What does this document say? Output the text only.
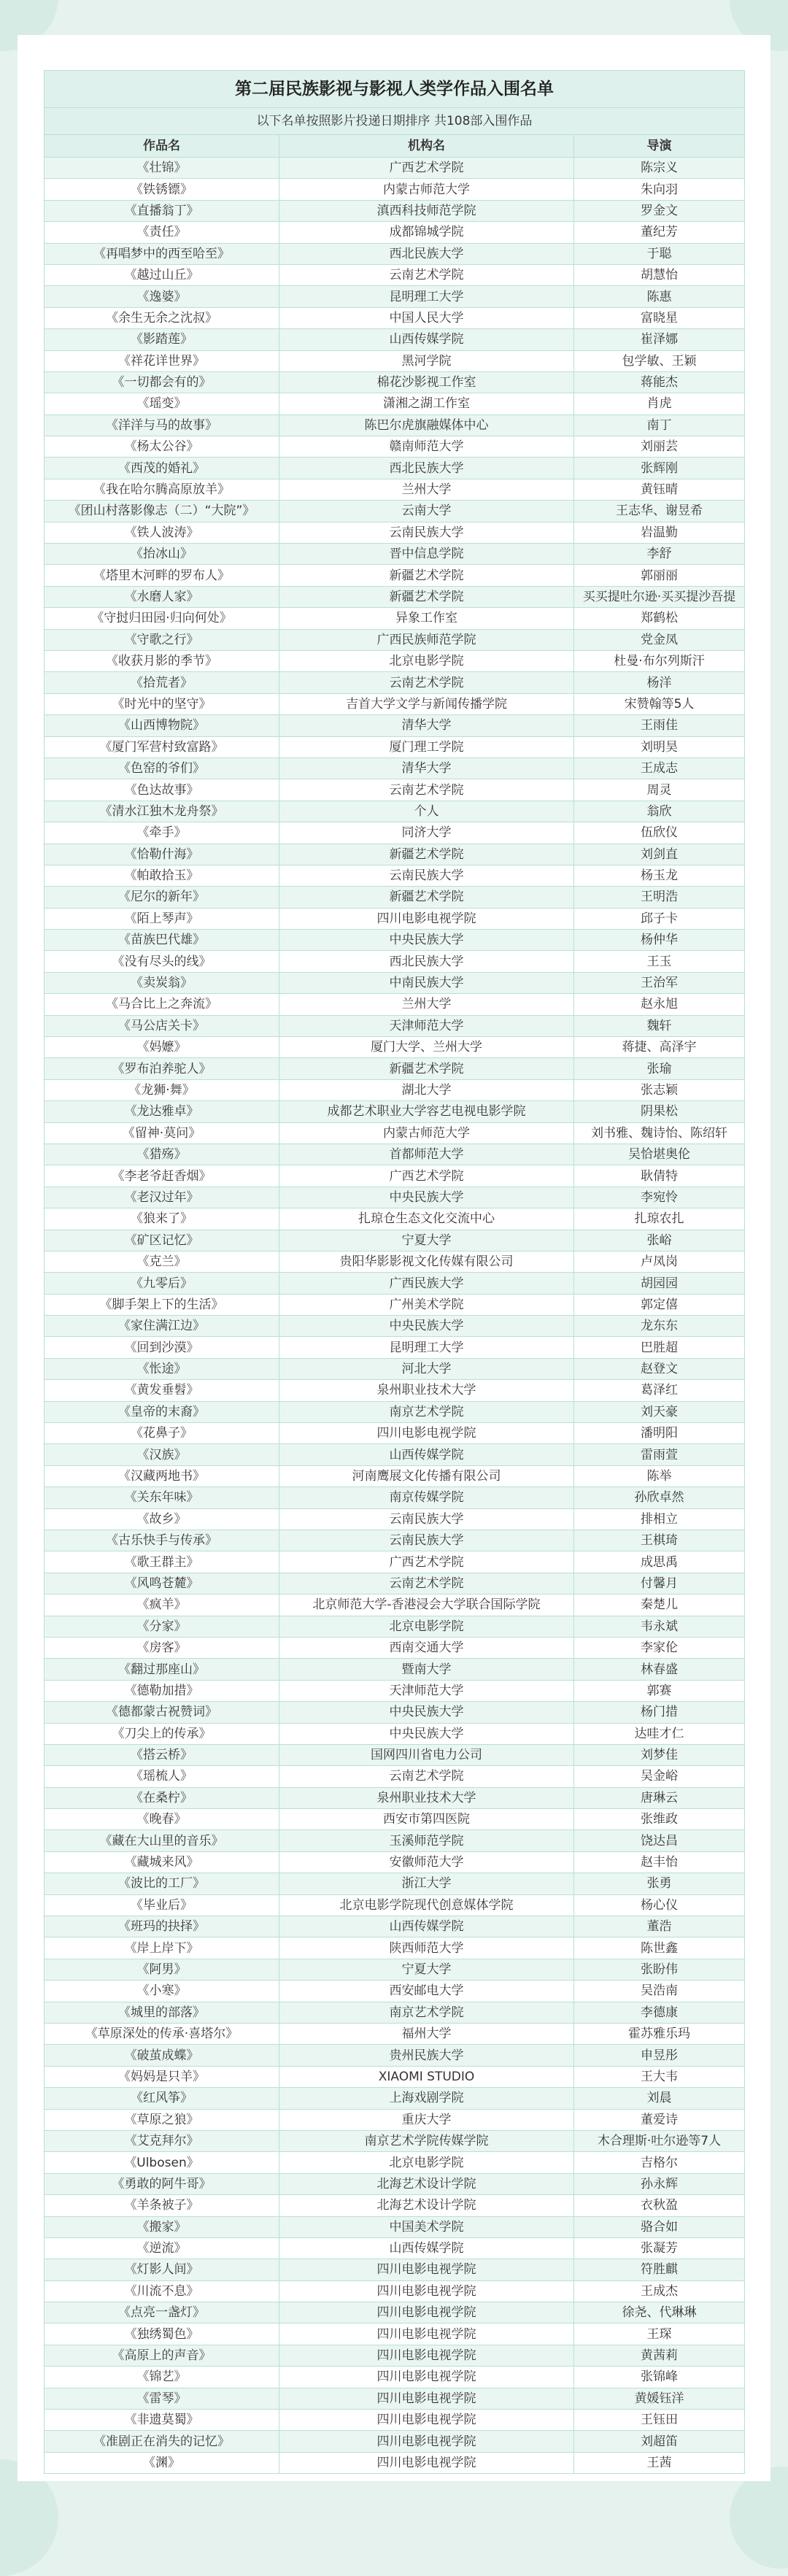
第二届民族影视与影视人类学作品入围名单		
以下名单按照影片投递日期排序 共108部入围作品		
作品名	机构名	导演
《壮锦》	广西艺术学院	陈宗义
《铁锈镖》	内蒙古师范大学	朱向羽
《直播翁丁》	滇西科技师范学院	罗金文
《责任》	成都锦城学院	董纪芳
《再唱梦中的西至哈至》	西北民族大学	于聪
《越过山丘》	云南艺术学院	胡慧怡
《逸婆》	昆明理工大学	陈惠
《余生无余之沈叔》	中国人民大学	富晓星
《影踏莲》	山西传媒学院	崔泽娜
《祥花详世界》	黑河学院	包学敏、王颖
《一切都会有的》	棉花沙影视工作室	蒋能杰
《瑶变》	潇湘之湖工作室	肖虎
《洋洋与马的故事》	陈巴尔虎旗融媒体中心	南丁
《杨太公谷》	赣南师范大学	刘丽芸
《西茂的婚礼》	西北民族大学	张辉刚
《我在哈尔腾高原放羊》	兰州大学	黄钰晴
《团山村落影像志（二）“大院”》	云南大学	王志华、谢昱希
《铁人波涛》	云南民族大学	岩温勤
《抬冰山》	晋中信息学院	李舒
《塔里木河畔的罗布人》	新疆艺术学院	郭丽丽
《水磨人家》	新疆艺术学院	买买提吐尔逊·买买提沙吾提
《守挝归田园·归向何处》	异象工作室	郑鹤松
《守歌之行》	广西民族师范学院	党金凤
《收获月影的季节》	北京电影学院	杜曼·布尔列斯汗
《拾荒者》	云南艺术学院	杨洋
《时光中的坚守》	吉首大学文学与新闻传播学院	宋赞翰等5人
《山西博物院》	清华大学	王雨佳
《厦门军营村致富路》	厦门理工学院	刘明昊
《色窑的爷们》	清华大学	王成志
《色达故事》	云南艺术学院	周灵
《清水江独木龙舟祭》	个人	翁欣
《牵手》	同济大学	伍欣仪
《恰勒什海》	新疆艺术学院	刘剑直
《帕敢拾玉》	云南民族大学	杨玉龙
《尼尔的新年》	新疆艺术学院	王明浩
《陌上琴声》	四川电影电视学院	邱子卡
《苗族巴代雄》	中央民族大学	杨仲华
《没有尽头的线》	西北民族大学	王玉
《卖炭翁》	中南民族大学	王治军
《马合比上之奔流》	兰州大学	赵永旭
《马公店关卡》	天津师范大学	魏轩
《妈嬷》	厦门大学、兰州大学	蒋捷、高泽宇
《罗布泊养驼人》	新疆艺术学院	张瑜
《龙狮·舞》	湖北大学	张志颖
《龙达雅卓》	成都艺术职业大学容艺电视电影学院	阴果松
《留神·莫问》	内蒙古师范大学	刘书雅、魏诗怡、陈绍轩
《猎殇》	首都师范大学	吴恰堪奥伦
《李老爷赶香烟》	广西艺术学院	耿倩特
《老汉过年》	中央民族大学	李宛怜
《狼来了》	扎琼仓生态文化交流中心	扎琼农扎
《矿区记忆》	宁夏大学	张峪
《克兰》	贵阳华影影视文化传媒有限公司	卢凤岗
《九零后》	广西民族大学	胡园园
《脚手架上下的生活》	广州美术学院	郭定僖
《家住满江边》	中央民族大学	龙东东
《回到沙漠》	昆明理工大学	巴胜超
《怅途》	河北大学	赵登文
《黄发垂髫》	泉州职业技术大学	葛泽红
《皇帝的末裔》	南京艺术学院	刘天豪
《花鼻子》	四川电影电视学院	潘明阳
《汉族》	山西传媒学院	雷雨萱
《汉藏两地书》	河南鹰展文化传播有限公司	陈举
《关东年味》	南京传媒学院	孙欣卓然
《故乡》	云南民族大学	排相立
《古乐快手与传承》	云南民族大学	王棋琦
《歌王群主》	广西艺术学院	成思禹
《风鸣苍麓》	云南艺术学院	付馨月
《疯羊》	北京师范大学-香港浸会大学联合国际学院	秦楚儿
《分家》	北京电影学院	韦永斌
《房客》	西南交通大学	李家伦
《翻过那座山》	暨南大学	林春盛
《德勒加措》	天津师范大学	郭赛
《德都蒙古祝赞词》	中央民族大学	杨门措
《刀尖上的传承》	中央民族大学	达哇才仁
《搭云桥》	国网四川省电力公司	刘梦佳
《瑶梳人》	云南艺术学院	吴金峪
《在桑柠》	泉州职业技术大学	唐琳云
《晚春》	西安市第四医院	张维政
《藏在大山里的音乐》	玉溪师范学院	饶达昌
《藏城来风》	安徽师范大学	赵丰怡
《波比的工厂》	浙江大学	张勇
《毕业后》	北京电影学院现代创意媒体学院	杨心仪
《班玛的抉择》	山西传媒学院	董浩
《岸上岸下》	陕西师范大学	陈世鑫
《阿男》	宁夏大学	张盼伟
《小寒》	西安邮电大学	吴浩南
《城里的部落》	南京艺术学院	李德康
《草原深处的传承·喜塔尔》	福州大学	霍苏雅乐玛
《破茧成蝶》	贵州民族大学	申昱彤
《妈妈是只羊》	XIAOMI STUDIO	王大韦
《红风筝》	上海戏剧学院	刘晨
《草原之狼》	重庆大学	董爱诗
《艾克拜尔》	南京艺术学院传媒学院	木合理斯·吐尔逊等7人
《Ulbosen》	北京电影学院	吉格尔
《勇敢的阿牛哥》	北海艺术设计学院	孙永辉
《羊条被子》	北海艺术设计学院	衣秋盈
《搬家》	中国美术学院	骆合如
《逆流》	山西传媒学院	张凝芳
《灯影人间》	四川电影电视学院	符胜麒
《川流不息》	四川电影电视学院	王成杰
《点亮一盏灯》	四川电影电视学院	徐尧、代琳琳
《独绣蜀色》	四川电影电视学院	王琛
《高原上的声音》	四川电影电视学院	黄茜莉
《锦艺》	四川电影电视学院	张锦峰
《雷琴》	四川电影电视学院	黄媛钰洋
《非遗莫蜀》	四川电影电视学院	王钰田
《准剧正在消失的记忆》	四川电影电视学院	刘超笛
《渊》	四川电影电视学院	王茜
